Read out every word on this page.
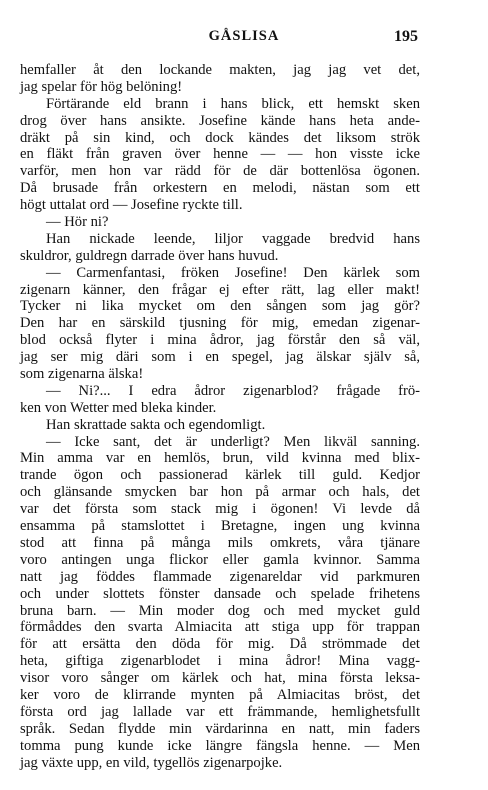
GÅSLISA	195
hemfaller åt den lockande makten, jag jag vet det,
jag spelar för hög belöning!
Förtärande eld brann i hans blick, ett hemskt sken
drog över hans ansikte. Josefine kände hans heta ande-
dräkt på sin kind, och dock kändes det liksom strök
en fläkt från graven över henne — — hon visste icke
varför, men hon var rädd för de där bottenlösa ögonen.
Då brusade från orkestern en melodi, nästan som ett
högt uttalat ord — Josefine ryckte till.
— Hör ni?
Han nickade leende, liljor vaggade bredvid hans
skuldror, guldregn darrade över hans huvud.
— Carmenfantasi, fröken Josefine! Den kärlek som
zigenarn känner, den frågar ej efter rätt, lag eller makt!
Tycker ni lika mycket om den sången som jag gör?
Den har en särskild tjusning för mig, emedan zigenar-
blod också flyter i mina ådror, jag förstår den så väl,
jag ser mig däri som i en spegel, jag älskar själv så,
som zigenarna älska!
— Ni?... I edra ådror zigenarblod? frågade frö-
ken von Wetter med bleka kinder.
Han skrattade sakta och egendomligt.
— Icke sant, det är underligt? Men likväl sanning.
Min amma var en hemlös, brun, vild kvinna med blix-
trande ögon och passionerad kärlek till guld. Kedjor
och glänsande smycken bar hon på armar och hals, det
var det första som stack mig i ögonen! Vi levde då
ensamma på stamslottet i Bretagne, ingen ung kvinna
stod att finna på många mils omkrets, våra tjänare
voro antingen unga flickor eller gamla kvinnor. Samma
natt jag föddes flammade zigenareldar vid parkmuren
och under slottets fönster dansade och spelade frihetens
bruna barn. — Min moder dog och med mycket guld
förmåddes den svarta Almiacita att stiga upp för trappan
för att ersätta den döda för mig. Då strömmade det
heta, giftiga zigenarblodet i mina ådror! Mina vagg-
visor voro sånger om kärlek och hat, mina första leksa-
ker voro de klirrande mynten på Almiacitas bröst, det
första ord jag lallade var ett främmande, hemlighetsfullt
språk. Sedan flydde min värdarinna en natt, min faders
tomma pung kunde icke längre fängsla henne. — Men
jag växte upp, en vild, tygellös zigenarpojke.
